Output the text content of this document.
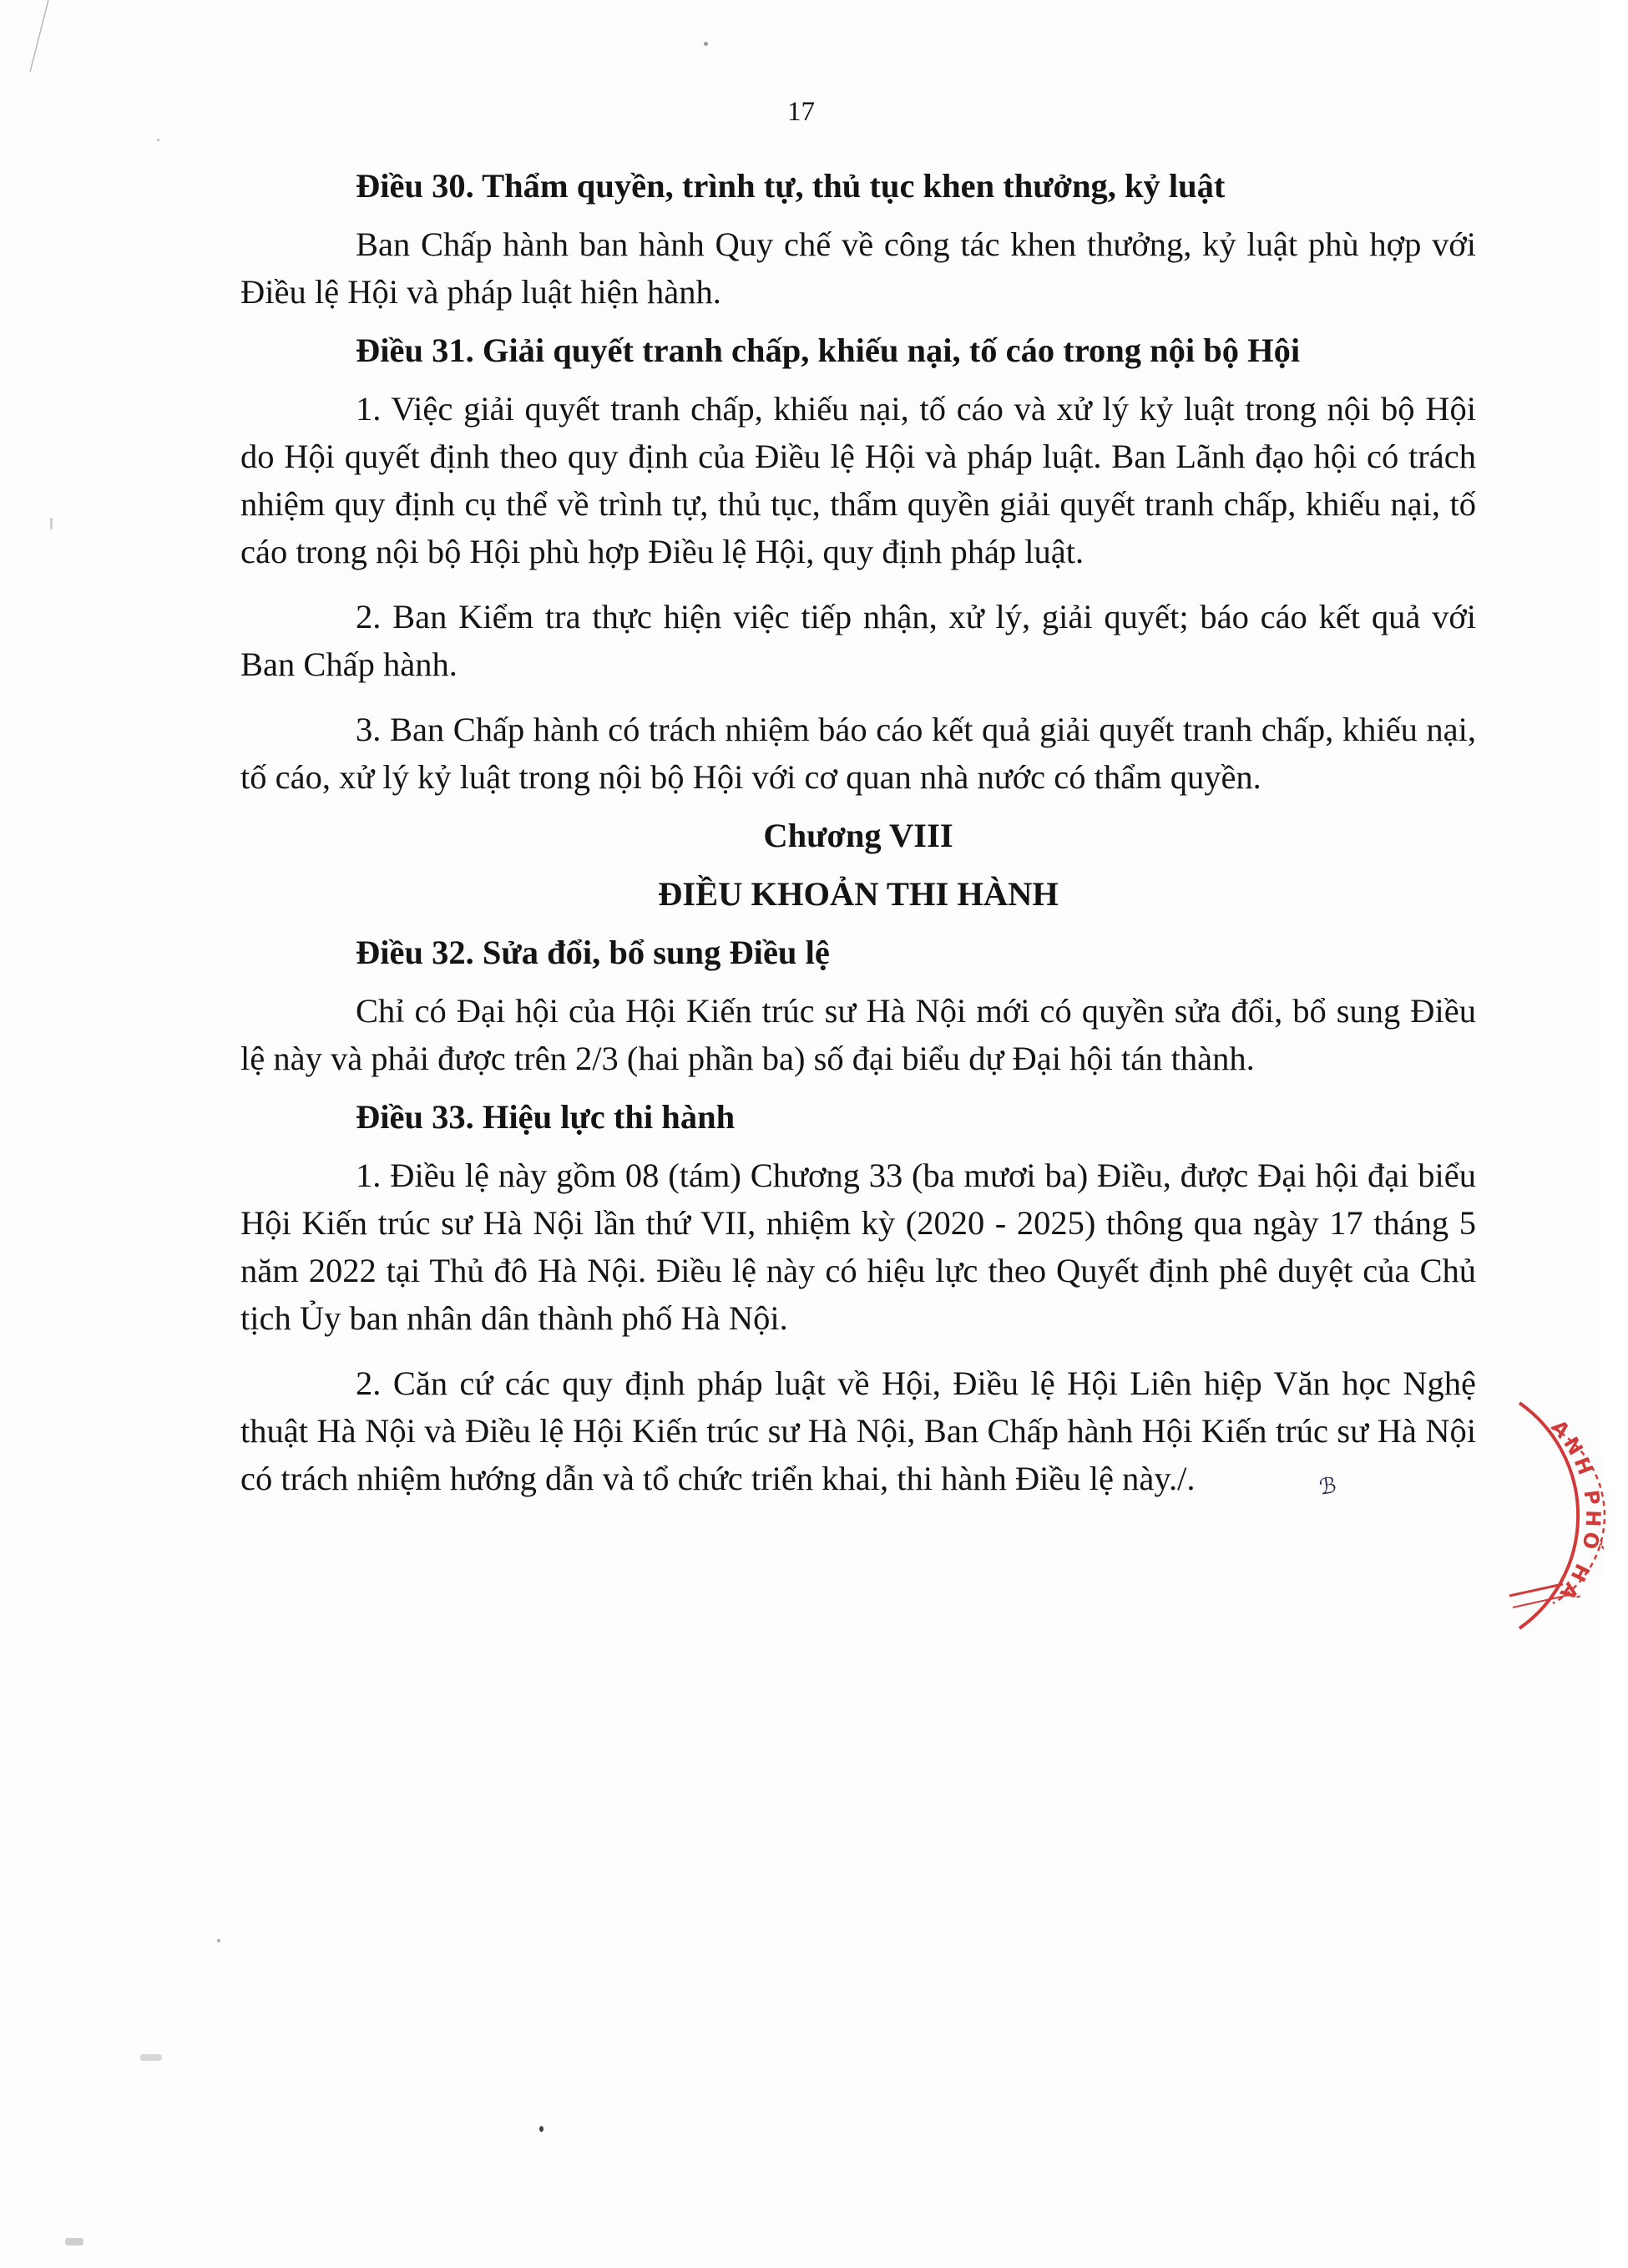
17

Điều 30. Thẩm quyền, trình tự, thủ tục khen thưởng, kỷ luật

Ban Chấp hành ban hành Quy chế về công tác khen thưởng, kỷ luật phù hợp với Điều lệ Hội và pháp luật hiện hành.

Điều 31. Giải quyết tranh chấp, khiếu nại, tố cáo trong nội bộ Hội

1. Việc giải quyết tranh chấp, khiếu nại, tố cáo và xử lý kỷ luật trong nội bộ Hội do Hội quyết định theo quy định của Điều lệ Hội và pháp luật. Ban Lãnh đạo hội có trách nhiệm quy định cụ thể về trình tự, thủ tục, thẩm quyền giải quyết tranh chấp, khiếu nại, tố cáo trong nội bộ Hội phù hợp Điều lệ Hội, quy định pháp luật.

2. Ban Kiểm tra thực hiện việc tiếp nhận, xử lý, giải quyết; báo cáo kết quả với Ban Chấp hành.

3. Ban Chấp hành có trách nhiệm báo cáo kết quả giải quyết tranh chấp, khiếu nại, tố cáo, xử lý kỷ luật trong nội bộ Hội với cơ quan nhà nước có thẩm quyền.

Chương VIII

ĐIỀU KHOẢN THI HÀNH

Điều 32. Sửa đổi, bổ sung Điều lệ

Chỉ có Đại hội của Hội Kiến trúc sư Hà Nội mới có quyền sửa đổi, bổ sung Điều lệ này và phải được trên 2/3 (hai phần ba) số đại biểu dự Đại hội tán thành.

Điều 33. Hiệu lực thi hành

1. Điều lệ này gồm 08 (tám) Chương 33 (ba mươi ba) Điều, được Đại hội đại biểu Hội Kiến trúc sư Hà Nội lần thứ VII, nhiệm kỳ (2020 - 2025) thông qua ngày 17 tháng 5 năm 2022 tại Thủ đô Hà Nội. Điều lệ này có hiệu lực theo Quyết định phê duyệt của Chủ tịch Ủy ban nhân dân thành phố Hà Nội.

2. Căn cứ các quy định pháp luật về Hội, Điều lệ Hội Liên hiệp Văn học Nghệ thuật Hà Nội và Điều lệ Hội Kiến trúc sư Hà Nội, Ban Chấp hành Hội Kiến trúc sư Hà Nội có trách nhiệm hướng dẫn và tổ chức triển khai, thi hành Điều lệ này./.	ℬ

ANH PHỐ HÀ
